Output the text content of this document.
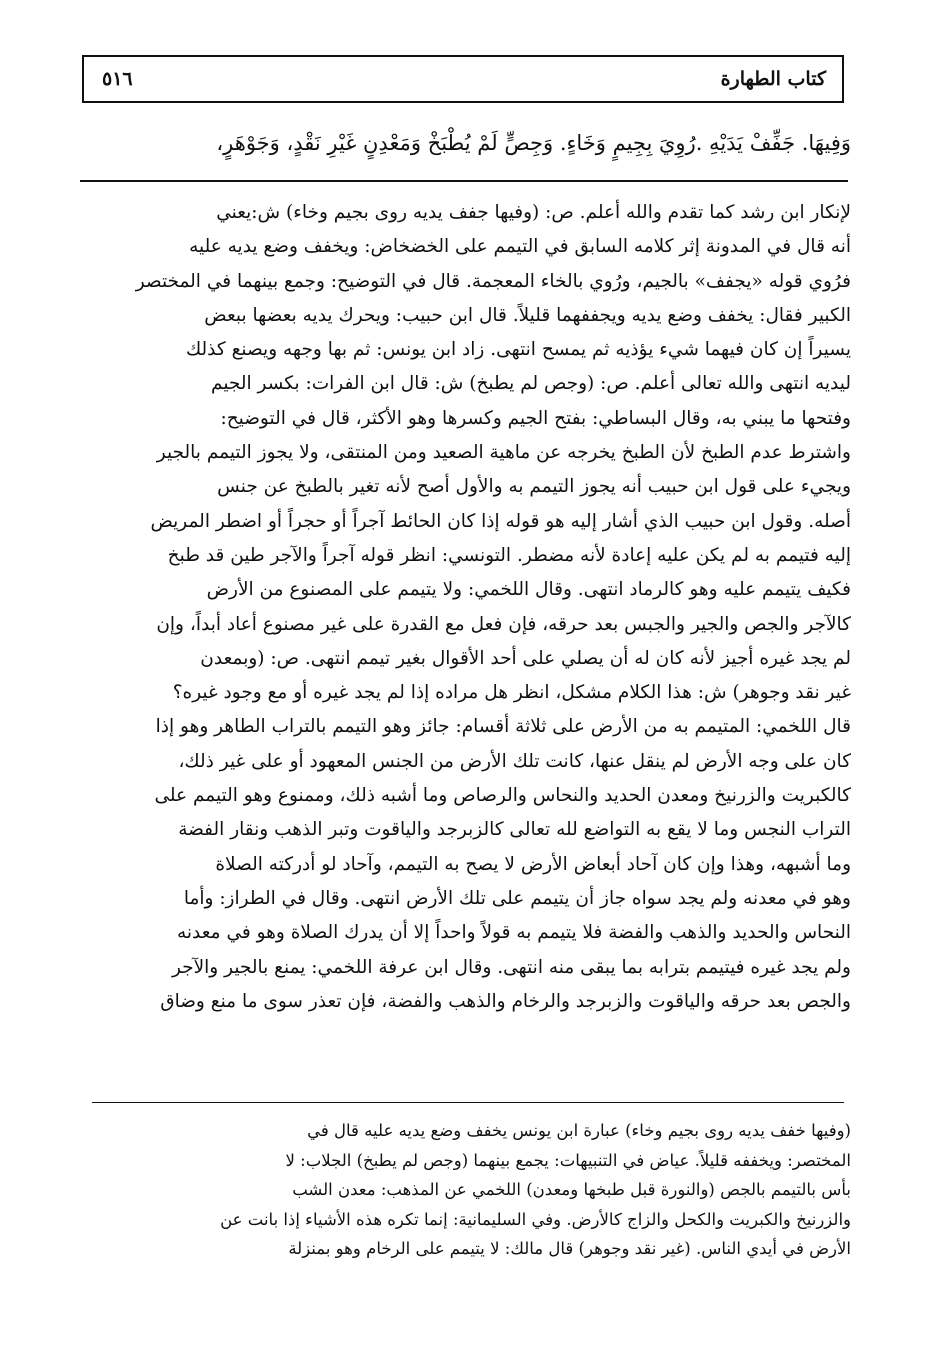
كتاب الطهارة
٥١٦
وَفِيهَا. جَفِّفْ يَدَيْهِ .رُوِيَ بِجِيمٍ وَخَاءٍ. وَجِصٍّ لَمْ يُطْبَخْ وَمَعْدِنٍ غَيْرِ نَقْدٍ، وَجَوْهَرٍ،
لإنكار ابن رشد كما تقدم والله أعلم. ص: (وفيها جفف يديه روى بجيم وخاء) ش:يعني
أنه قال في المدونة إثر كلامه السابق في التيمم على الخضخاض: ويخفف وضع يديه عليه
فرُوي قوله «يجفف» بالجيم، ورُوي بالخاء المعجمة. قال في التوضيح: وجمع بينهما في المختصر
الكبير فقال: يخفف وضع يديه ويجففهما قليلاً. قال ابن حبيب: ويحرك يديه بعضها ببعض
يسيراً إن كان فيهما شيء يؤذيه ثم يمسح انتهى. زاد ابن يونس: ثم بها وجهه ويصنع كذلك
ليديه انتهى والله تعالى أعلم. ص: (وجص لم يطبخ) ش: قال ابن الفرات: بكسر الجيم
وفتحها ما يبني به، وقال البساطي: بفتح الجيم وكسرها وهو الأكثر، قال في التوضيح:
واشترط عدم الطبخ لأن الطبخ يخرجه عن ماهية الصعيد ومن المنتقى، ولا يجوز التيمم بالجير
ويجيء على قول ابن حبيب أنه يجوز التيمم به والأول أصح لأنه تغير بالطبخ عن جنس
أصله. وقول ابن حبيب الذي أشار إليه هو قوله إذا كان الحائط آجراً أو حجراً أو اضطر المريض
إليه فتيمم به لم يكن عليه إعادة لأنه مضطر. التونسي: انظر قوله آجراً والآجر طين قد طبخ
فكيف يتيمم عليه وهو كالرماد انتهى. وقال اللخمي: ولا يتيمم على المصنوع من الأرض
كالآجر والجص والجير والجبس بعد حرقه، فإن فعل مع القدرة على غير مصنوع أعاد أبداً، وإن
لم يجد غيره أجيز لأنه كان له أن يصلي على أحد الأقوال بغير تيمم انتهى. ص: (وبمعدن
غير نقد وجوهر) ش: هذا الكلام مشكل، انظر هل مراده إذا لم يجد غيره أو مع وجود غيره؟
قال اللخمي: المتيمم به من الأرض على ثلاثة أقسام: جائز وهو التيمم بالتراب الطاهر وهو إذا
كان على وجه الأرض لم ينقل عنها، كانت تلك الأرض من الجنس المعهود أو على غير ذلك،
كالكبريت والزرنيخ ومعدن الحديد والنحاس والرصاص وما أشبه ذلك، وممنوع وهو التيمم على
التراب النجس وما لا يقع به التواضع لله تعالى كالزبرجد والياقوت وتبر الذهب ونقار الفضة
وما أشبهه، وهذا وإن كان آحاد أبعاض الأرض لا يصح به التيمم، وآحاد لو أدركته الصلاة
وهو في معدنه ولم يجد سواه جاز أن يتيمم على تلك الأرض انتهى. وقال في الطراز: وأما
النحاس والحديد والذهب والفضة فلا يتيمم به قولاً واحداً إلا أن يدرك الصلاة وهو في معدنه
ولم يجد غيره فيتيمم بترابه بما يبقى منه انتهى. وقال ابن عرفة اللخمي: يمنع بالجير والآجر
والجص بعد حرقه والياقوت والزبرجد والرخام والذهب والفضة، فإن تعذر سوى ما منع وضاق
(وفيها خفف يديه روى بجيم وخاء) عبارة ابن يونس يخفف وضع يديه عليه قال في
المختصر: ويخففه قليلاً. عياض في التنبيهات: يجمع بينهما (وجص لم يطبخ) الجلاب: لا
بأس بالتيمم بالجص (والنورة قبل طبخها ومعدن) اللخمي عن المذهب: معدن الشب
والزرنيخ والكبريت والكحل والزاج كالأرض. وفي السليمانية: إنما تكره هذه الأشياء إذا بانت عن
الأرض في أيدي الناس. (غير نقد وجوهر) قال مالك: لا يتيمم على الرخام وهو بمنزلة
